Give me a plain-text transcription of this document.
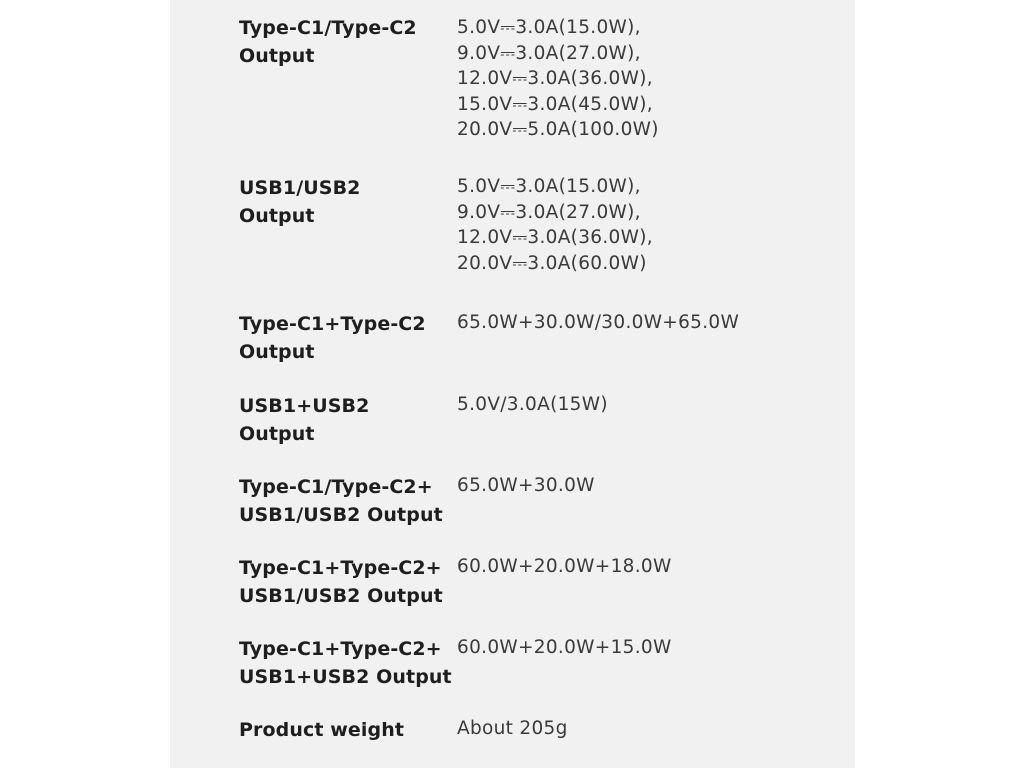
Type-C1/Type-C2
Output
5.0V⎓3.0A(15.0W),
9.0V⎓3.0A(27.0W),
12.0V⎓3.0A(36.0W),
15.0V⎓3.0A(45.0W),
20.0V⎓5.0A(100.0W)
USB1/USB2
Output
5.0V⎓3.0A(15.0W),
9.0V⎓3.0A(27.0W),
12.0V⎓3.0A(36.0W),
20.0V⎓3.0A(60.0W)
Type-C1+Type-C2
Output
65.0W+30.0W/30.0W+65.0W
USB1+USB2
Output
5.0V/3.0A(15W)
Type-C1/Type-C2+
USB1/USB2 Output
65.0W+30.0W
Type-C1+Type-C2+
USB1/USB2 Output
60.0W+20.0W+18.0W
Type-C1+Type-C2+
USB1+USB2 Output
60.0W+20.0W+15.0W
Product weight	About 205g
